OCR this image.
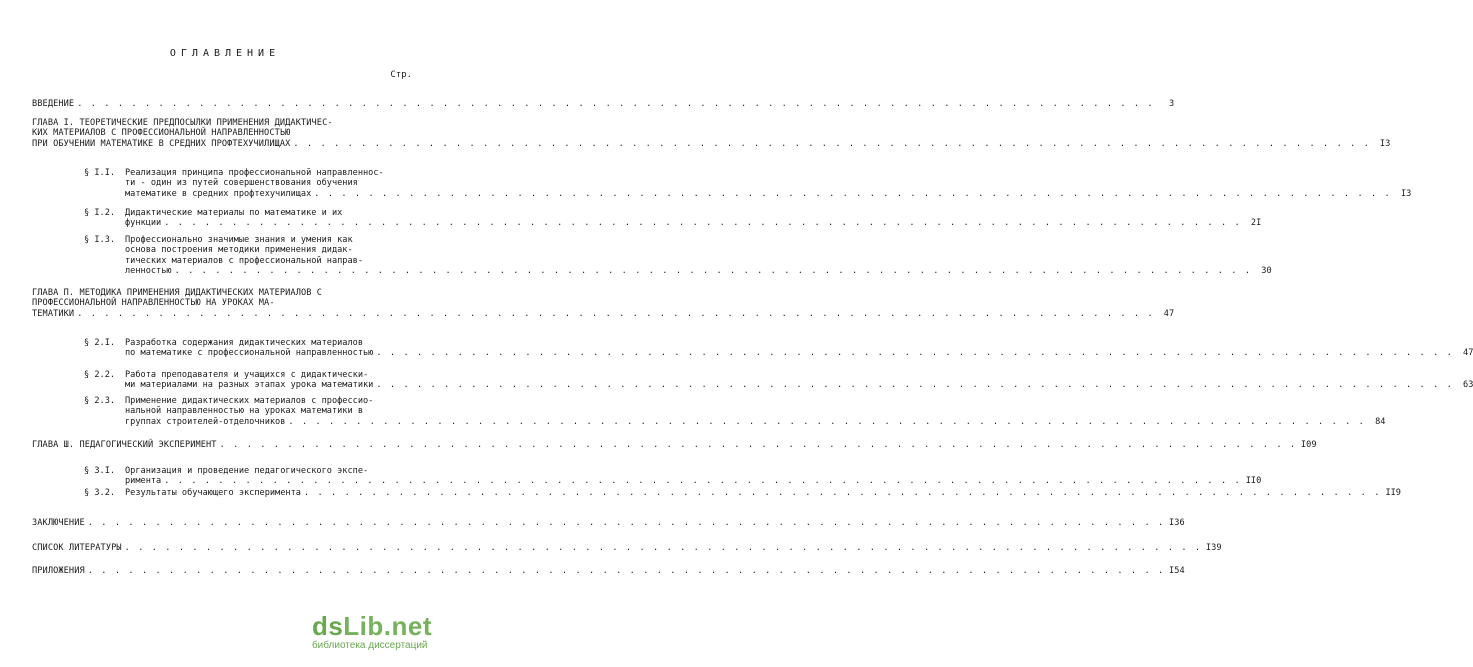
ОГЛАВЛЕНИЕ
Стр.
ВВЕДЕНИЕ . . . . . . . . . . . . . . . . . . . . . . . . . . . . . . . . . . . . . . . . . . . . . . . . . . . . . . . . . . . . . . . . . . . . . . . . . . . . . . . .	3
ГЛАВА I. ТЕОРЕТИЧЕСКИЕ ПРЕДПОСЫЛКИ ПРИМЕНЕНИЯ ДИДАКТИЧЕС-
КИХ МАТЕРИАЛОВ С ПРОФЕССИОНАЛЬНОЙ НАПРАВЛЕННОСТЬЮ
ПРИ ОБУЧЕНИИ МАТЕМАТИКЕ В СРЕДНИХ ПРОФТЕХУЧИЛИЩАХ . . . . . . . . . . . . . . . . . . . . . . . . . . . . . . . . . . . . . . . . . . . . . . . . . . . . . . . . . . . . . . . . . . . . . . . . . . . . . . . .	I3
§ I.I. Реализация принципа профессиональной направленнос-
ти - один из путей совершенствования обучения
математике в средних профтехучилищах . . . . . . . . . . . . . . . . . . . . . . . . . . . . . . . . . . . . . . . . . . . . . . . . . . . . . . . . . . . . . . . . . . . . . . . . . . . . . . . .	I3
§ I.2. Дидактические материалы по математике и их
функции . . . . . . . . . . . . . . . . . . . . . . . . . . . . . . . . . . . . . . . . . . . . . . . . . . . . . . . . . . . . . . . . . . . . . . . . . . . . . . . .	2I
§ I.3. Профессионально значимые знания и умения как
основа построения методики применения дидак-
тических материалов с профессиональной направ-
ленностью . . . . . . . . . . . . . . . . . . . . . . . . . . . . . . . . . . . . . . . . . . . . . . . . . . . . . . . . . . . . . . . . . . . . . . . . . . . . . . . .	30
ГЛАВА П. МЕТОДИКА ПРИМЕНЕНИЯ ДИДАКТИЧЕСКИХ МАТЕРИАЛОВ С
ПРОФЕССИОНАЛЬНОЙ НАПРАВЛЕННОСТЬЮ НА УРОКАХ МА-
ТЕМАТИКИ . . . . . . . . . . . . . . . . . . . . . . . . . . . . . . . . . . . . . . . . . . . . . . . . . . . . . . . . . . . . . . . . . . . . . . . . . . . . . . . .	47
§ 2.I. Разработка содержания дидактических материалов
по математике с профессиональной направленностью . . . . . . . . . . . . . . . . . . . . . . . . . . . . . . . . . . . . . . . . . . . . . . . . . . . . . . . . . . . . . . . . . . . . . . . . . . . . . . . .	47
§ 2.2. Работа преподавателя и учащихся с дидактически-
ми материалами на разных этапах урока математики . . . . . . . . . . . . . . . . . . . . . . . . . . . . . . . . . . . . . . . . . . . . . . . . . . . . . . . . . . . . . . . . . . . . . . . . . . . . . . . .	63
§ 2.3. Применение дидактических материалов с профессио-
нальной направленностью на уроках математики в
группах строителей-отделочников . . . . . . . . . . . . . . . . . . . . . . . . . . . . . . . . . . . . . . . . . . . . . . . . . . . . . . . . . . . . . . . . . . . . . . . . . . . . . . . .	84
ГЛАВА Ш. ПЕДАГОГИЧЕСКИЙ ЭКСПЕРИМЕНТ . . . . . . . . . . . . . . . . . . . . . . . . . . . . . . . . . . . . . . . . . . . . . . . . . . . . . . . . . . . . . . . . . . . . . . . . . . . . . . . . I09
§ 3.I. Организация и проведение педагогического экспе-
римента . . . . . . . . . . . . . . . . . . . . . . . . . . . . . . . . . . . . . . . . . . . . . . . . . . . . . . . . . . . . . . . . . . . . . . . . . . . . . . . . II0
§ 3.2. Результаты обучающего эксперимента . . . . . . . . . . . . . . . . . . . . . . . . . . . . . . . . . . . . . . . . . . . . . . . . . . . . . . . . . . . . . . . . . . . . . . . . . . . . . . . . II9
ЗАКЛЮЧЕНИЕ . . . . . . . . . . . . . . . . . . . . . . . . . . . . . . . . . . . . . . . . . . . . . . . . . . . . . . . . . . . . . . . . . . . . . . . . . . . . . . . . I36
СПИСОК ЛИТЕРАТУРЫ . . . . . . . . . . . . . . . . . . . . . . . . . . . . . . . . . . . . . . . . . . . . . . . . . . . . . . . . . . . . . . . . . . . . . . . . . . . . . . . . I39
ПРИЛОЖЕНИЯ . . . . . . . . . . . . . . . . . . . . . . . . . . . . . . . . . . . . . . . . . . . . . . . . . . . . . . . . . . . . . . . . . . . . . . . . . . . . . . . . I54
dsLib.net
библиотека диссертаций
